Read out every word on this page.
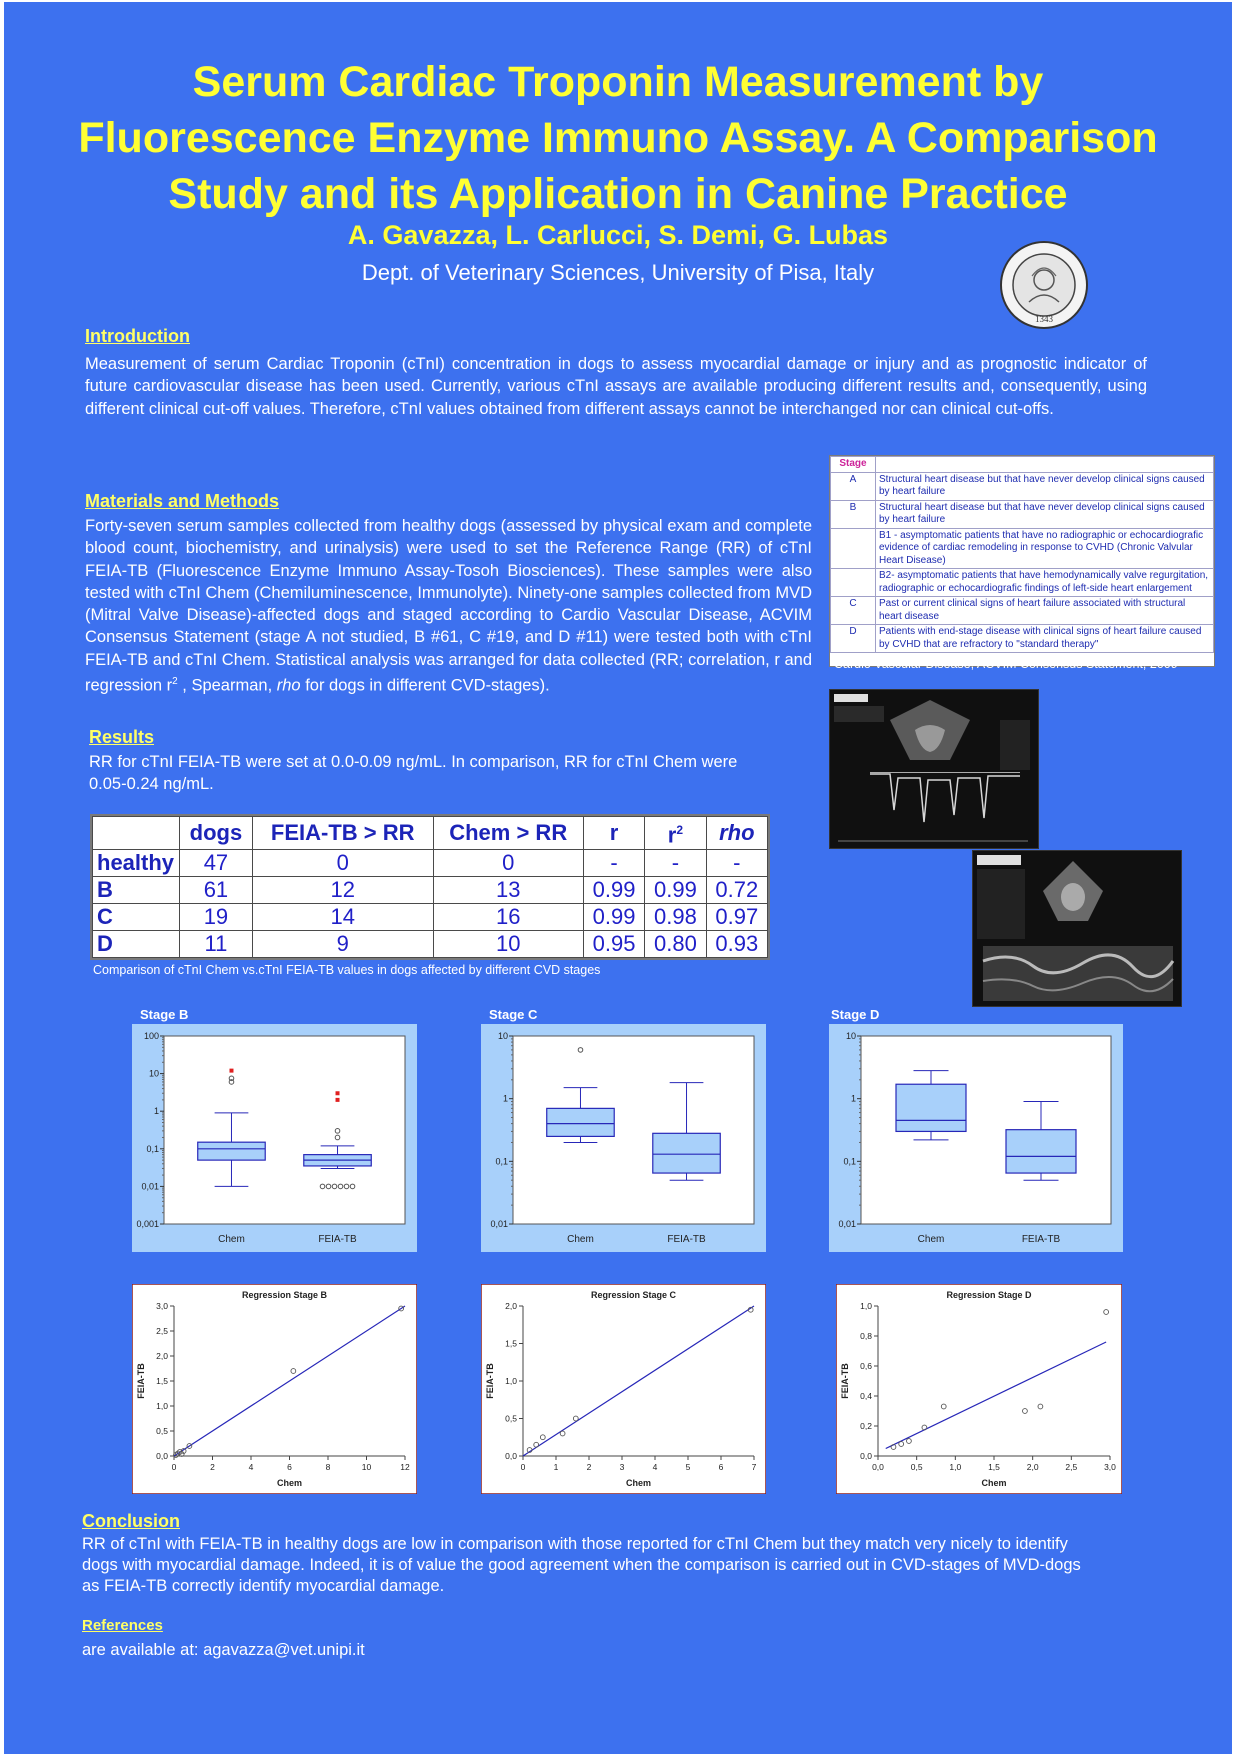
Serum Cardiac Troponin Measurement by
Fluorescence Enzyme Immuno Assay. A Comparison
Study and its Application in Canine Practice
A. Gavazza, L. Carlucci, S. Demi, G. Lubas
Dept. of Veterinary Sciences, University of Pisa, Italy
1343
Introduction
Measurement of serum Cardiac Troponin (cTnI) concentration in dogs to assess myocardial damage or injury and as prognostic indicator of future cardiovascular disease has been used. Currently, various cTnI assays are available producing different results and, consequently, using different clinical cut-off values. Therefore, cTnI values obtained from different assays cannot be interchanged nor can clinical cut-offs.
Materials and Methods
Forty-seven serum samples collected from healthy dogs (assessed by physical exam and complete blood count, biochemistry, and urinalysis) were used to set the Reference Range (RR) of cTnI FEIA-TB (Fluorescence Enzyme Immuno Assay-Tosoh Biosciences). These samples were also tested with cTnI Chem (Chemiluminescence, Immunolyte). Ninety-one samples collected from MVD (Mitral Valve Disease)-affected dogs and staged according to Cardio Vascular Disease, ACVIM Consensus Statement (stage A not studied, B #61, C #19, and D #11) were tested both with cTnI FEIA-TB and cTnI Chem. Statistical analysis was arranged for data collected (RR; correlation, r and regression $r^2$ , Spearman, rho for dogs in different CVD-stages).
Stage	
A	Structural heart disease but that have never develop clinical signs caused by heart failure
B	Structural heart disease but that have never develop clinical signs caused by heart failure
	B1 - asymptomatic patients that have no radiographic or echocardiografic evidence of cardiac remodeling in response to CVHD (Chronic Valvular Heart Disease)
	B2- asymptomatic patients that have hemodynamically valve regurgitation, radiographic or echocardiografic findings of left-side heart enlargement
C	Past or current clinical signs of heart failure associated with structural heart disease
D	Patients with end-stage disease with clinical signs of heart failure caused by CVHD that are refractory to "standard therapy"
Cardio Vascular Disease, ACVIM Consensus Statement, 2009
Results
RR for cTnI FEIA-TB were set at 0.0-0.09 ng/mL. In comparison, RR for cTnI Chem were 0.05-0.24 ng/mL.
	dogs	FEIA-TB > RR	Chem > RR	r	$r^2$	rho
healthy	47	0	0	-	-	-
B	61	12	13	0.99	0.99	0.72
C	19	14	16	0.99	0.98	0.97
D	11	9	10	0.95	0.80	0.93
Comparison of cTnI Chem vs.cTnI FEIA-TB values in dogs affected by different CVD stages
Stage B	Stage C	Stage D
100
10
1
0,1
0,01
0,001
Chem	FEIA-TB
10
1
0,1
0,01
Chem	FEIA-TB
10
1
0,1
0,01
Chem	FEIA-TB
Regression Stage B
0,0
0,5
1,0
1,5
2,0
2,5
3,0
0	2	4	6	8	10	12
Chem
FEIA-TB
Regression Stage C
0,0
0,5
1,0
1,5
2,0
0	1	2	3	4	5	6	7
Chem
FEIA-TB
Regression Stage D
0,0
0,2
0,4
0,6
0,8
1,0
0,0	0,5	1,0	1,5	2,0	2,5	3,0
Chem
FEIA-TB
Conclusion
RR of cTnI with FEIA-TB in healthy dogs are low in comparison with those reported for cTnI Chem but they match very nicely to identify dogs with myocardial damage. Indeed, it is of value the good agreement when the comparison is carried out in CVD-stages of MVD-dogs as FEIA-TB correctly identify myocardial damage.
References
are available at: agavazza@vet.unipi.it
